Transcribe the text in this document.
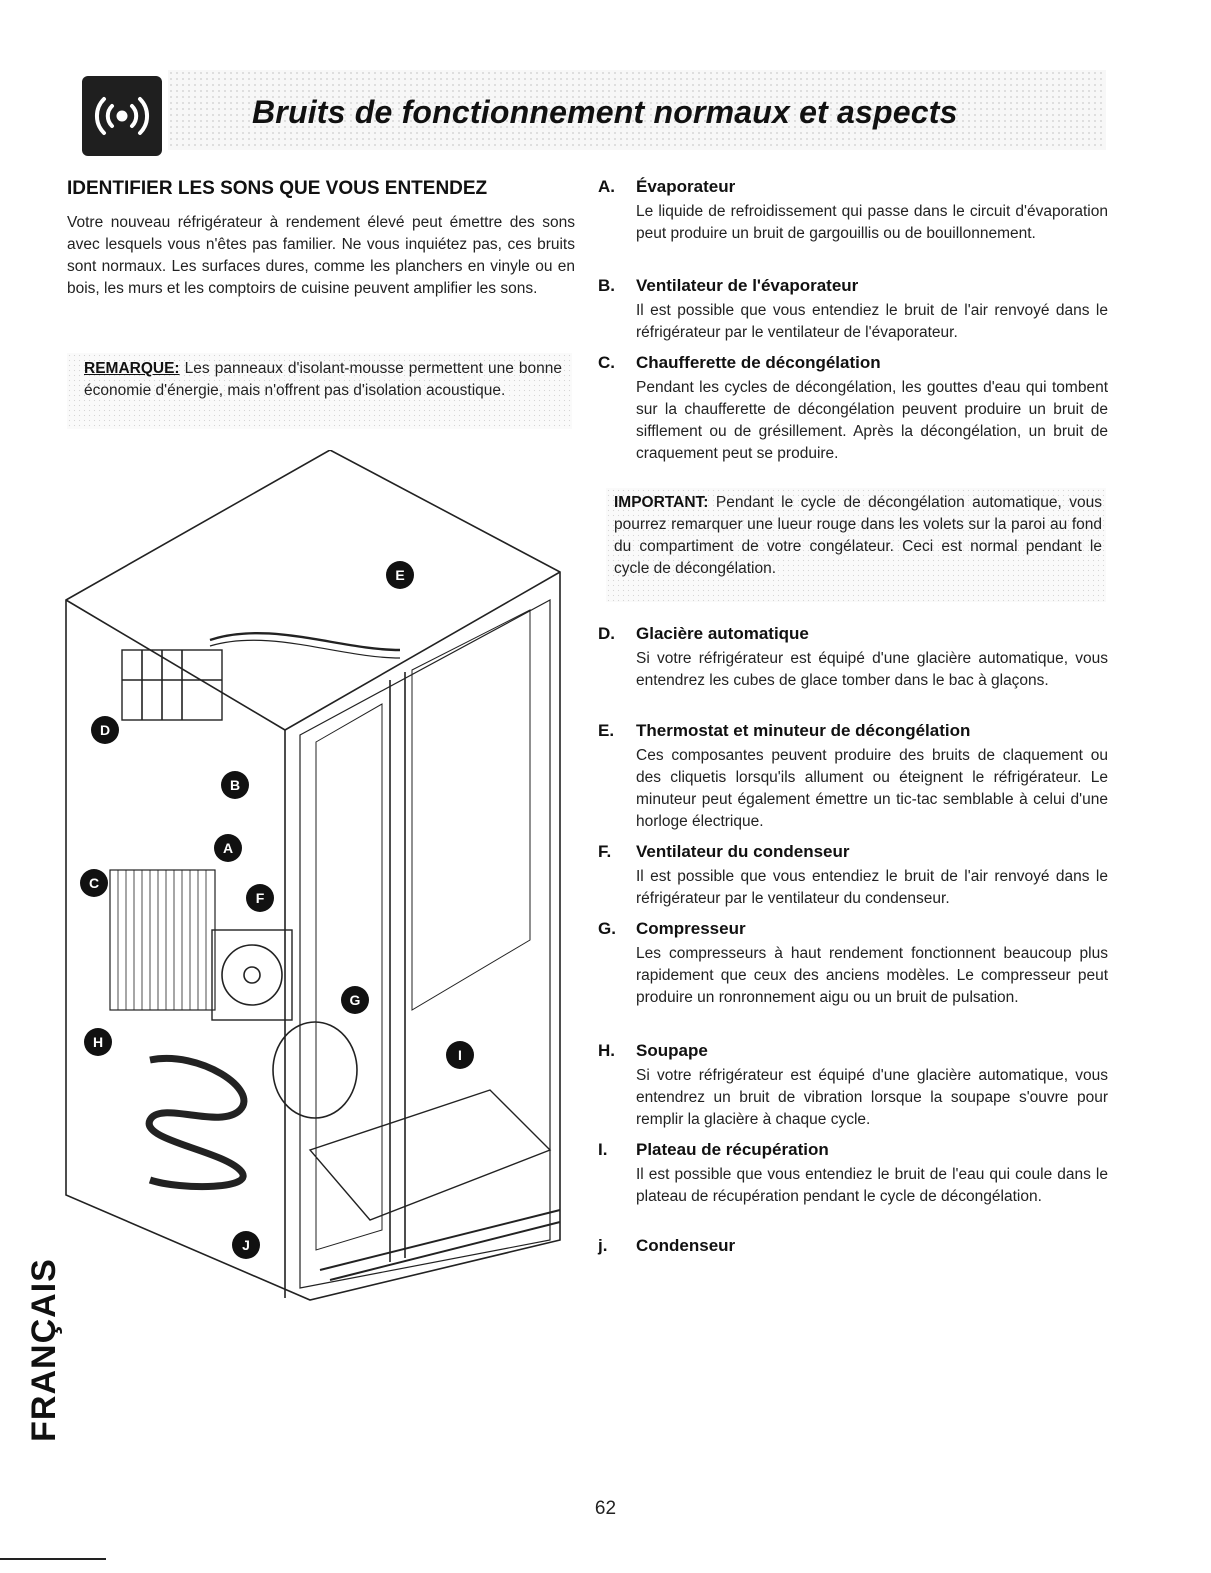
Bruits de fonctionnement normaux et aspects
IDENTIFIER LES SONS QUE VOUS ENTENDEZ

Votre nouveau réfrigérateur à rendement élevé peut émettre des sons avec lesquels vous n'êtes pas familier. Ne vous inquiétez pas, ces bruits sont normaux. Les surfaces dures, comme les planchers en vinyle ou en bois, les murs et les comptoirs de cuisine peuvent amplifier les sons.

REMARQUE: Les panneaux d'isolant-mousse permettent une bonne économie d'énergie, mais n'offrent pas d'isolation acoustique.

E
D
B
A
C
F
G
H
I
J
A. Évaporateur

Le liquide de refroidissement qui passe dans le circuit d'évaporation peut produire un bruit de gargouillis ou de bouillonnement.

B. Ventilateur de l'évaporateur

Il est possible que vous entendiez le bruit de l'air renvoyé dans le réfrigérateur par le ventilateur de l'évaporateur.

C. Chaufferette de décongélation

Pendant les cycles de décongélation, les gouttes d'eau qui tombent sur la chaufferette de décongélation peuvent produire un bruit de sifflement ou de grésillement. Après la décongélation, un bruit de craquement peut se produire.

IMPORTANT: Pendant le cycle de décongélation automatique, vous pourrez remarquer une lueur rouge dans les volets sur la paroi au fond du compartiment de votre congélateur. Ceci est normal pendant le cycle de décongélation.

D. Glacière automatique

Si votre réfrigérateur est équipé d'une glacière automatique, vous entendrez les cubes de glace tomber dans le bac à glaçons.

E. Thermostat et minuteur de décongélation

Ces composantes peuvent produire des bruits de claquement ou des cliquetis lorsqu'ils allument ou éteignent le réfrigérateur. Le minuteur peut également émettre un tic-tac semblable à celui d'une horloge électrique.

F. Ventilateur du condenseur

Il est possible que vous entendiez le bruit de l'air renvoyé dans le réfrigérateur par le ventilateur du condenseur.

G. Compresseur

Les compresseurs à haut rendement fonctionnent beaucoup plus rapidement que ceux des anciens modèles. Le compresseur peut produire un ronronnement aigu ou un bruit de pulsation.

H. Soupape

Si votre réfrigérateur est équipé d'une glacière automatique, vous entendrez un bruit de vibration lorsque la soupape s'ouvre pour remplir la glacière à chaque cycle.

I. Plateau de récupération

Il est possible que vous entendiez le bruit de l'eau qui coule dans le plateau de récupération pendant le cycle de décongélation.

j. Condenseur
FRANÇAIS
62
